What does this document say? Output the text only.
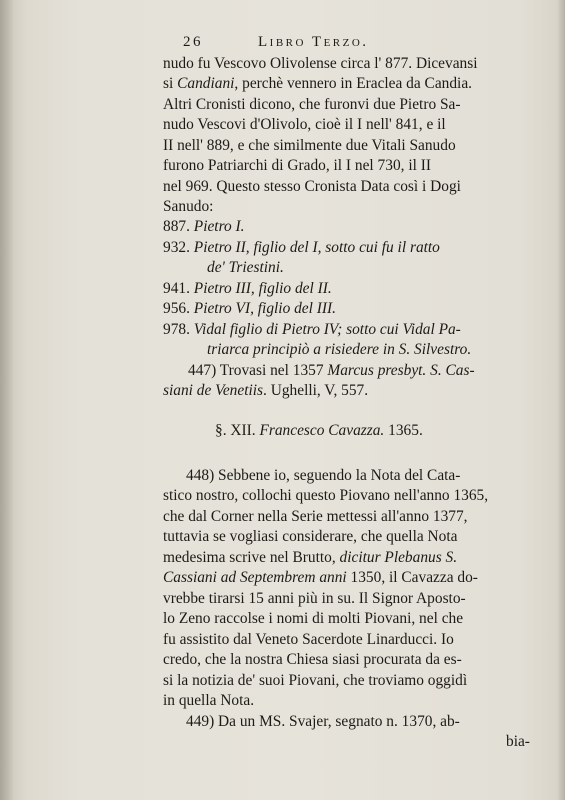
26	Libro Terzo.
nudo fu Vescovo Olivolense circa l' 877. Dicevansi
si Candiani, perchè vennero in Eraclea da Candia.
Altri Cronisti dicono, che furonvi due Pietro Sa-
nudo Vescovi d'Olivolo, cioè il I nell' 841, e il
II nell' 889, e che similmente due Vitali Sanudo
furono Patriarchi di Grado, il I nel 730, il II
nel 969. Questo stesso Cronista Data così i Dogi
Sanudo:
887. Pietro I.
932. Pietro II, figlio del I, sotto cui fu il ratto
de' Triestini.
941. Pietro III, figlio del II.
956. Pietro VI, figlio del III.
978. Vidal figlio di Pietro IV; sotto cui Vidal Pa-
triarca principiò a risiedere in S. Silvestro.
447) Trovasi nel 1357 Marcus presbyt. S. Cas-
siani de Venetiis. Ughelli, V, 557.
§. XII. Francesco Cavazza. 1365.
448) Sebbene io, seguendo la Nota del Cata-
stico nostro, collochi questo Piovano nell'anno 1365,
che dal Corner nella Serie mettessi all'anno 1377,
tuttavia se vogliasi considerare, che quella Nota
medesima scrive nel Brutto, dicitur Plebanus S.
Cassiani ad Septembrem anni 1350, il Cavazza do-
vrebbe tirarsi 15 anni più in su. Il Signor Aposto-
lo Zeno raccolse i nomi di molti Piovani, nel che
fu assistito dal Veneto Sacerdote Linarducci. Io
credo, che la nostra Chiesa siasi procurata da es-
si la notizia de' suoi Piovani, che troviamo oggidì
in quella Nota.
449) Da un MS. Svajer, segnato n. 1370, ab-
bia-
